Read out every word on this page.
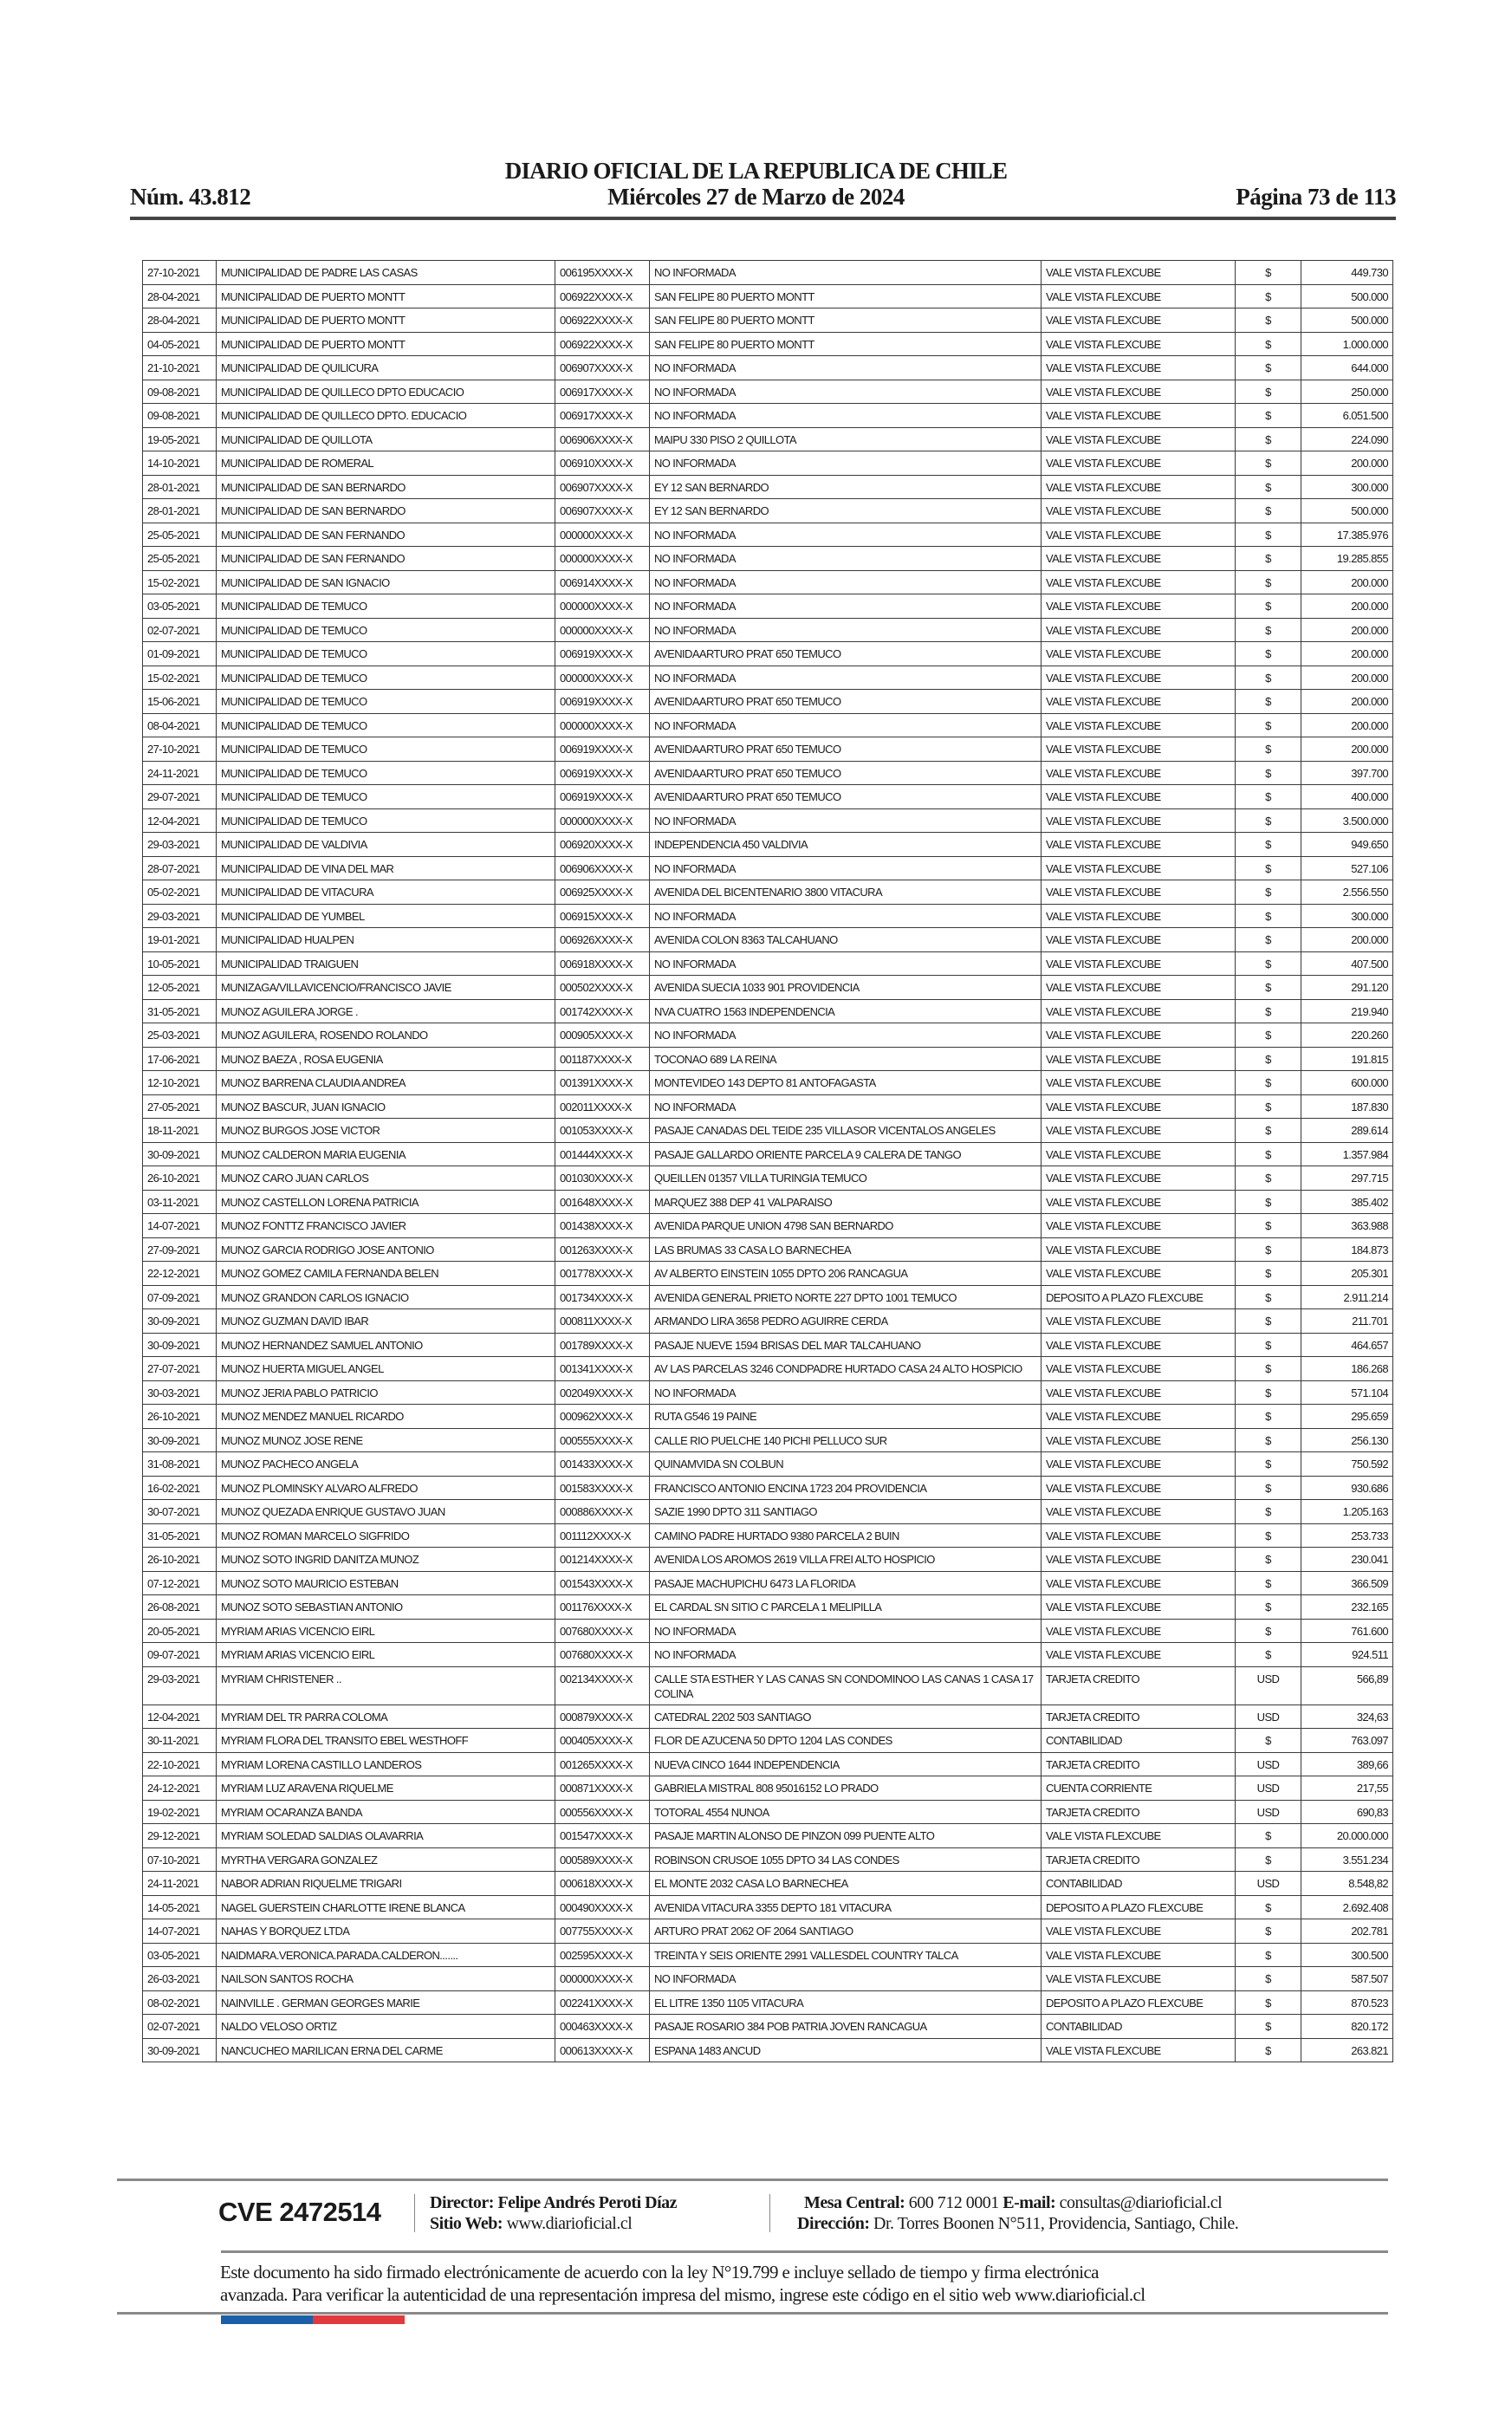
DIARIO OFICIAL DE LA REPUBLICA DE CHILE
Núm. 43.812	Miércoles 27 de Marzo de 2024	Página 73 de 113
27-10-2021	MUNICIPALIDAD DE PADRE LAS CASAS	006195XXXX-X	NO INFORMADA	VALE VISTA FLEXCUBE	$	449.730
28-04-2021	MUNICIPALIDAD DE PUERTO MONTT	006922XXXX-X	SAN FELIPE 80 PUERTO MONTT	VALE VISTA FLEXCUBE	$	500.000
28-04-2021	MUNICIPALIDAD DE PUERTO MONTT	006922XXXX-X	SAN FELIPE 80 PUERTO MONTT	VALE VISTA FLEXCUBE	$	500.000
04-05-2021	MUNICIPALIDAD DE PUERTO MONTT	006922XXXX-X	SAN FELIPE 80 PUERTO MONTT	VALE VISTA FLEXCUBE	$	1.000.000
21-10-2021	MUNICIPALIDAD DE QUILICURA	006907XXXX-X	NO INFORMADA	VALE VISTA FLEXCUBE	$	644.000
09-08-2021	MUNICIPALIDAD DE QUILLECO DPTO EDUCACIO	006917XXXX-X	NO INFORMADA	VALE VISTA FLEXCUBE	$	250.000
09-08-2021	MUNICIPALIDAD DE QUILLECO DPTO. EDUCACIO	006917XXXX-X	NO INFORMADA	VALE VISTA FLEXCUBE	$	6.051.500
19-05-2021	MUNICIPALIDAD DE QUILLOTA	006906XXXX-X	MAIPU 330 PISO 2 QUILLOTA	VALE VISTA FLEXCUBE	$	224.090
14-10-2021	MUNICIPALIDAD DE ROMERAL	006910XXXX-X	NO INFORMADA	VALE VISTA FLEXCUBE	$	200.000
28-01-2021	MUNICIPALIDAD DE SAN BERNARDO	006907XXXX-X	EY 12 SAN BERNARDO	VALE VISTA FLEXCUBE	$	300.000
28-01-2021	MUNICIPALIDAD DE SAN BERNARDO	006907XXXX-X	EY 12 SAN BERNARDO	VALE VISTA FLEXCUBE	$	500.000
25-05-2021	MUNICIPALIDAD DE SAN FERNANDO	000000XXXX-X	NO INFORMADA	VALE VISTA FLEXCUBE	$	17.385.976
25-05-2021	MUNICIPALIDAD DE SAN FERNANDO	000000XXXX-X	NO INFORMADA	VALE VISTA FLEXCUBE	$	19.285.855
15-02-2021	MUNICIPALIDAD DE SAN IGNACIO	006914XXXX-X	NO INFORMADA	VALE VISTA FLEXCUBE	$	200.000
03-05-2021	MUNICIPALIDAD DE TEMUCO	000000XXXX-X	NO INFORMADA	VALE VISTA FLEXCUBE	$	200.000
02-07-2021	MUNICIPALIDAD DE TEMUCO	000000XXXX-X	NO INFORMADA	VALE VISTA FLEXCUBE	$	200.000
01-09-2021	MUNICIPALIDAD DE TEMUCO	006919XXXX-X	AVENIDAARTURO PRAT 650 TEMUCO	VALE VISTA FLEXCUBE	$	200.000
15-02-2021	MUNICIPALIDAD DE TEMUCO	000000XXXX-X	NO INFORMADA	VALE VISTA FLEXCUBE	$	200.000
15-06-2021	MUNICIPALIDAD DE TEMUCO	006919XXXX-X	AVENIDAARTURO PRAT 650 TEMUCO	VALE VISTA FLEXCUBE	$	200.000
08-04-2021	MUNICIPALIDAD DE TEMUCO	000000XXXX-X	NO INFORMADA	VALE VISTA FLEXCUBE	$	200.000
27-10-2021	MUNICIPALIDAD DE TEMUCO	006919XXXX-X	AVENIDAARTURO PRAT 650 TEMUCO	VALE VISTA FLEXCUBE	$	200.000
24-11-2021	MUNICIPALIDAD DE TEMUCO	006919XXXX-X	AVENIDAARTURO PRAT 650 TEMUCO	VALE VISTA FLEXCUBE	$	397.700
29-07-2021	MUNICIPALIDAD DE TEMUCO	006919XXXX-X	AVENIDAARTURO PRAT 650 TEMUCO	VALE VISTA FLEXCUBE	$	400.000
12-04-2021	MUNICIPALIDAD DE TEMUCO	000000XXXX-X	NO INFORMADA	VALE VISTA FLEXCUBE	$	3.500.000
29-03-2021	MUNICIPALIDAD DE VALDIVIA	006920XXXX-X	INDEPENDENCIA 450 VALDIVIA	VALE VISTA FLEXCUBE	$	949.650
28-07-2021	MUNICIPALIDAD DE VINA DEL MAR	006906XXXX-X	NO INFORMADA	VALE VISTA FLEXCUBE	$	527.106
05-02-2021	MUNICIPALIDAD DE VITACURA	006925XXXX-X	AVENIDA DEL BICENTENARIO 3800 VITACURA	VALE VISTA FLEXCUBE	$	2.556.550
29-03-2021	MUNICIPALIDAD DE YUMBEL	006915XXXX-X	NO INFORMADA	VALE VISTA FLEXCUBE	$	300.000
19-01-2021	MUNICIPALIDAD HUALPEN	006926XXXX-X	AVENIDA COLON 8363 TALCAHUANO	VALE VISTA FLEXCUBE	$	200.000
10-05-2021	MUNICIPALIDAD TRAIGUEN	006918XXXX-X	NO INFORMADA	VALE VISTA FLEXCUBE	$	407.500
12-05-2021	MUNIZAGA/VILLAVICENCIO/FRANCISCO JAVIE	000502XXXX-X	AVENIDA SUECIA 1033 901 PROVIDENCIA	VALE VISTA FLEXCUBE	$	291.120
31-05-2021	MUNOZ AGUILERA JORGE .	001742XXXX-X	NVA CUATRO 1563 INDEPENDENCIA	VALE VISTA FLEXCUBE	$	219.940
25-03-2021	MUNOZ AGUILERA, ROSENDO ROLANDO	000905XXXX-X	NO INFORMADA	VALE VISTA FLEXCUBE	$	220.260
17-06-2021	MUNOZ BAEZA , ROSA EUGENIA	001187XXXX-X	TOCONAO 689 LA REINA	VALE VISTA FLEXCUBE	$	191.815
12-10-2021	MUNOZ BARRENA CLAUDIA ANDREA	001391XXXX-X	MONTEVIDEO 143 DEPTO 81 ANTOFAGASTA	VALE VISTA FLEXCUBE	$	600.000
27-05-2021	MUNOZ BASCUR, JUAN IGNACIO	002011XXXX-X	NO INFORMADA	VALE VISTA FLEXCUBE	$	187.830
18-11-2021	MUNOZ BURGOS JOSE VICTOR	001053XXXX-X	PASAJE CANADAS DEL TEIDE 235 VILLASOR VICENTALOS ANGELES	VALE VISTA FLEXCUBE	$	289.614
30-09-2021	MUNOZ CALDERON MARIA EUGENIA	001444XXXX-X	PASAJE GALLARDO ORIENTE PARCELA 9 CALERA DE TANGO	VALE VISTA FLEXCUBE	$	1.357.984
26-10-2021	MUNOZ CARO JUAN CARLOS	001030XXXX-X	QUEILLEN 01357 VILLA TURINGIA TEMUCO	VALE VISTA FLEXCUBE	$	297.715
03-11-2021	MUNOZ CASTELLON LORENA PATRICIA	001648XXXX-X	MARQUEZ 388 DEP 41 VALPARAISO	VALE VISTA FLEXCUBE	$	385.402
14-07-2021	MUNOZ FONTTZ FRANCISCO JAVIER	001438XXXX-X	AVENIDA PARQUE UNION 4798 SAN BERNARDO	VALE VISTA FLEXCUBE	$	363.988
27-09-2021	MUNOZ GARCIA RODRIGO JOSE ANTONIO	001263XXXX-X	LAS BRUMAS 33 CASA LO BARNECHEA	VALE VISTA FLEXCUBE	$	184.873
22-12-2021	MUNOZ GOMEZ CAMILA FERNANDA BELEN	001778XXXX-X	AV ALBERTO EINSTEIN 1055 DPTO 206 RANCAGUA	VALE VISTA FLEXCUBE	$	205.301
07-09-2021	MUNOZ GRANDON CARLOS IGNACIO	001734XXXX-X	AVENIDA GENERAL PRIETO NORTE 227 DPTO 1001 TEMUCO	DEPOSITO A PLAZO FLEXCUBE	$	2.911.214
30-09-2021	MUNOZ GUZMAN DAVID IBAR	000811XXXX-X	ARMANDO LIRA 3658 PEDRO AGUIRRE CERDA	VALE VISTA FLEXCUBE	$	211.701
30-09-2021	MUNOZ HERNANDEZ SAMUEL ANTONIO	001789XXXX-X	PASAJE NUEVE 1594 BRISAS DEL MAR TALCAHUANO	VALE VISTA FLEXCUBE	$	464.657
27-07-2021	MUNOZ HUERTA MIGUEL ANGEL	001341XXXX-X	AV LAS PARCELAS 3246 CONDPADRE HURTADO CASA 24 ALTO HOSPICIO	VALE VISTA FLEXCUBE	$	186.268
30-03-2021	MUNOZ JERIA PABLO PATRICIO	002049XXXX-X	NO INFORMADA	VALE VISTA FLEXCUBE	$	571.104
26-10-2021	MUNOZ MENDEZ MANUEL RICARDO	000962XXXX-X	RUTA G546 19 PAINE	VALE VISTA FLEXCUBE	$	295.659
30-09-2021	MUNOZ MUNOZ JOSE RENE	000555XXXX-X	CALLE RIO PUELCHE 140 PICHI PELLUCO SUR	VALE VISTA FLEXCUBE	$	256.130
31-08-2021	MUNOZ PACHECO ANGELA	001433XXXX-X	QUINAMVIDA SN COLBUN	VALE VISTA FLEXCUBE	$	750.592
16-02-2021	MUNOZ PLOMINSKY ALVARO ALFREDO	001583XXXX-X	FRANCISCO ANTONIO ENCINA 1723 204 PROVIDENCIA	VALE VISTA FLEXCUBE	$	930.686
30-07-2021	MUNOZ QUEZADA ENRIQUE GUSTAVO JUAN	000886XXXX-X	SAZIE 1990 DPTO 311 SANTIAGO	VALE VISTA FLEXCUBE	$	1.205.163
31-05-2021	MUNOZ ROMAN MARCELO SIGFRIDO	001112XXXX-X	CAMINO PADRE HURTADO 9380 PARCELA 2 BUIN	VALE VISTA FLEXCUBE	$	253.733
26-10-2021	MUNOZ SOTO INGRID DANITZA MUNOZ	001214XXXX-X	AVENIDA LOS AROMOS 2619 VILLA FREI ALTO HOSPICIO	VALE VISTA FLEXCUBE	$	230.041
07-12-2021	MUNOZ SOTO MAURICIO ESTEBAN	001543XXXX-X	PASAJE MACHUPICHU 6473 LA FLORIDA	VALE VISTA FLEXCUBE	$	366.509
26-08-2021	MUNOZ SOTO SEBASTIAN ANTONIO	001176XXXX-X	EL CARDAL SN SITIO C PARCELA 1 MELIPILLA	VALE VISTA FLEXCUBE	$	232.165
20-05-2021	MYRIAM ARIAS VICENCIO EIRL	007680XXXX-X	NO INFORMADA	VALE VISTA FLEXCUBE	$	761.600
09-07-2021	MYRIAM ARIAS VICENCIO EIRL	007680XXXX-X	NO INFORMADA	VALE VISTA FLEXCUBE	$	924.511
29-03-2021	MYRIAM CHRISTENER ..	002134XXXX-X	CALLE STA ESTHER Y LAS CANAS SN CONDOMINOO LAS CANAS 1 CASA 17 COLINA	TARJETA CREDITO	USD	566,89
12-04-2021	MYRIAM DEL TR PARRA COLOMA	000879XXXX-X	CATEDRAL 2202 503 SANTIAGO	TARJETA CREDITO	USD	324,63
30-11-2021	MYRIAM FLORA DEL TRANSITO EBEL WESTHOFF	000405XXXX-X	FLOR DE AZUCENA 50 DPTO 1204 LAS CONDES	CONTABILIDAD	$	763.097
22-10-2021	MYRIAM LORENA CASTILLO LANDEROS	001265XXXX-X	NUEVA CINCO 1644 INDEPENDENCIA	TARJETA CREDITO	USD	389,66
24-12-2021	MYRIAM LUZ ARAVENA RIQUELME	000871XXXX-X	GABRIELA MISTRAL 808 95016152 LO PRADO	CUENTA CORRIENTE	USD	217,55
19-02-2021	MYRIAM OCARANZA BANDA	000556XXXX-X	TOTORAL 4554 NUNOA	TARJETA CREDITO	USD	690,83
29-12-2021	MYRIAM SOLEDAD SALDIAS OLAVARRIA	001547XXXX-X	PASAJE MARTIN ALONSO DE PINZON 099 PUENTE ALTO	VALE VISTA FLEXCUBE	$	20.000.000
07-10-2021	MYRTHA VERGARA GONZALEZ	000589XXXX-X	ROBINSON CRUSOE 1055 DPTO 34 LAS CONDES	TARJETA CREDITO	$	3.551.234
24-11-2021	NABOR ADRIAN RIQUELME TRIGARI	000618XXXX-X	EL MONTE 2032 CASA LO BARNECHEA	CONTABILIDAD	USD	8.548,82
14-05-2021	NAGEL GUERSTEIN CHARLOTTE IRENE BLANCA	000490XXXX-X	AVENIDA VITACURA 3355 DEPTO 181 VITACURA	DEPOSITO A PLAZO FLEXCUBE	$	2.692.408
14-07-2021	NAHAS Y BORQUEZ LTDA	007755XXXX-X	ARTURO PRAT 2062 OF 2064 SANTIAGO	VALE VISTA FLEXCUBE	$	202.781
03-05-2021	NAIDMARA.VERONICA.PARADA.CALDERON.......	002595XXXX-X	TREINTA Y SEIS ORIENTE 2991 VALLESDEL COUNTRY TALCA	VALE VISTA FLEXCUBE	$	300.500
26-03-2021	NAILSON SANTOS ROCHA	000000XXXX-X	NO INFORMADA	VALE VISTA FLEXCUBE	$	587.507
08-02-2021	NAINVILLE . GERMAN GEORGES MARIE	002241XXXX-X	EL LITRE 1350 1105 VITACURA	DEPOSITO A PLAZO FLEXCUBE	$	870.523
02-07-2021	NALDO VELOSO ORTIZ	000463XXXX-X	PASAJE ROSARIO 384 POB PATRIA JOVEN RANCAGUA	CONTABILIDAD	$	820.172
30-09-2021	NANCUCHEO MARILICAN ERNA DEL CARME	000613XXXX-X	ESPANA 1483 ANCUD	VALE VISTA FLEXCUBE	$	263.821
CVE 2472514	Director: Felipe Andrés Peroti Díaz
Sitio Web: www.diarioficial.cl
Mesa Central: 600 712 0001 E-mail: consultas@diarioficial.cl
Dirección: Dr. Torres Boonen N°511, Providencia, Santiago, Chile.
Este documento ha sido firmado electrónicamente de acuerdo con la ley N°19.799 e incluye sellado de tiempo y firma electrónica
avanzada. Para verificar la autenticidad de una representación impresa del mismo, ingrese este código en el sitio web www.diarioficial.cl
